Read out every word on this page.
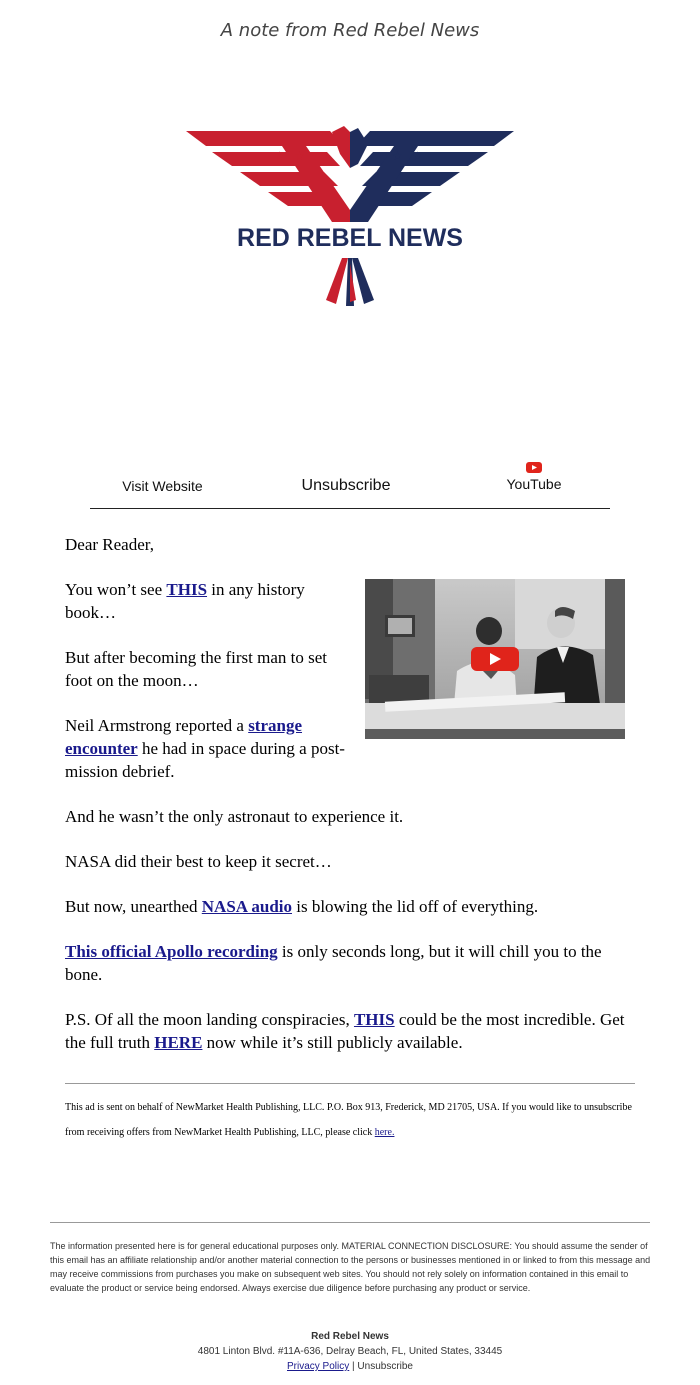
A note from Red Rebel News
★ ★	★ ★
RED REBEL NEWS
Visit Website	Unsubscribe	YouTube

Dear Reader,

You won’t see THIS in any history book…

But after becoming the first man to set foot on the moon…

Neil Armstrong reported a strange encounter he had in space during a post-mission debrief.

And he wasn’t the only astronaut to experience it.

NASA did their best to keep it secret…

But now, unearthed NASA audio is blowing the lid off of everything.

This official Apollo recording is only seconds long, but it will chill you to the bone.

P.S. Of all the moon landing conspiracies, THIS could be the most incredible. Get the full truth HERE now while it’s still publicly available.

This ad is sent on behalf of NewMarket Health Publishing, LLC. P.O. Box 913, Frederick, MD 21705, USA. If you would like to unsubscribe from receiving offers from NewMarket Health Publishing, LLC, please click here.
The information presented here is for general educational purposes only. MATERIAL CONNECTION DISCLOSURE: You should assume the sender of this email has an affiliate relationship and/or another material connection to the persons or businesses mentioned in or linked to from this message and may receive commissions from purchases you make on subsequent web sites. You should not rely solely on information contained in this email to evaluate the product or service being endorsed. Always exercise due diligence before purchasing any product or service.
Red Rebel News
4801 Linton Blvd. #11A-636, Delray Beach, FL, United States, 33445
Privacy Policy | Unsubscribe
